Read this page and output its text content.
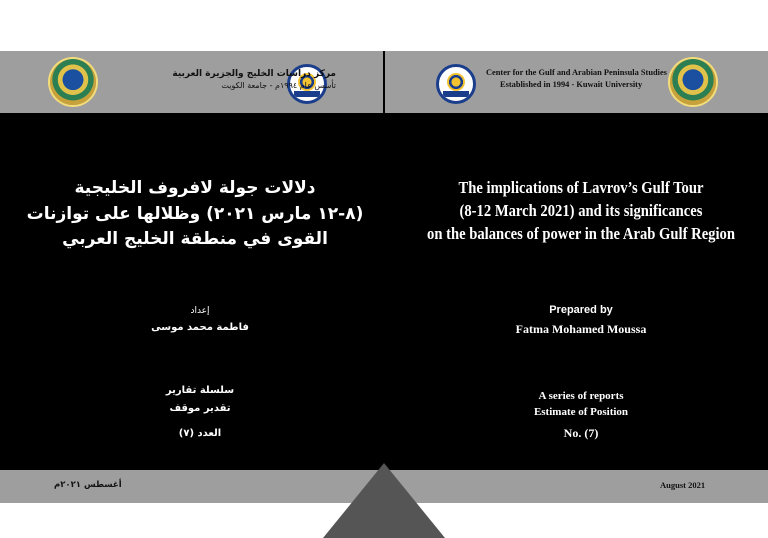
مركز دراسات الخليج والجزيرة العربية
تأسس عام ١٩٩٤م - جامعة الكويت
Center for the Gulf and Arabian Peninsula Studies
Established in 1994 - Kuwait University
The implications of Lavrov’s Gulf Tour
(8-12 March 2021) and its significances
on the balances of power in the Arab Gulf Region
Prepared by
Fatma Mohamed Moussa
A series of reports
Estimate of Position
No. (7)
دلالات جولة لافروف الخليجية
(٨-١٢ مارس ٢٠٢١) وظلالها على توازنات
القوى في منطقة الخليج العربي
إعداد
فاطمة محمد موسى
سلسلة تقارير
تقدير موقف
العدد (٧)
August 2021
أغسطس ٢٠٢١م
